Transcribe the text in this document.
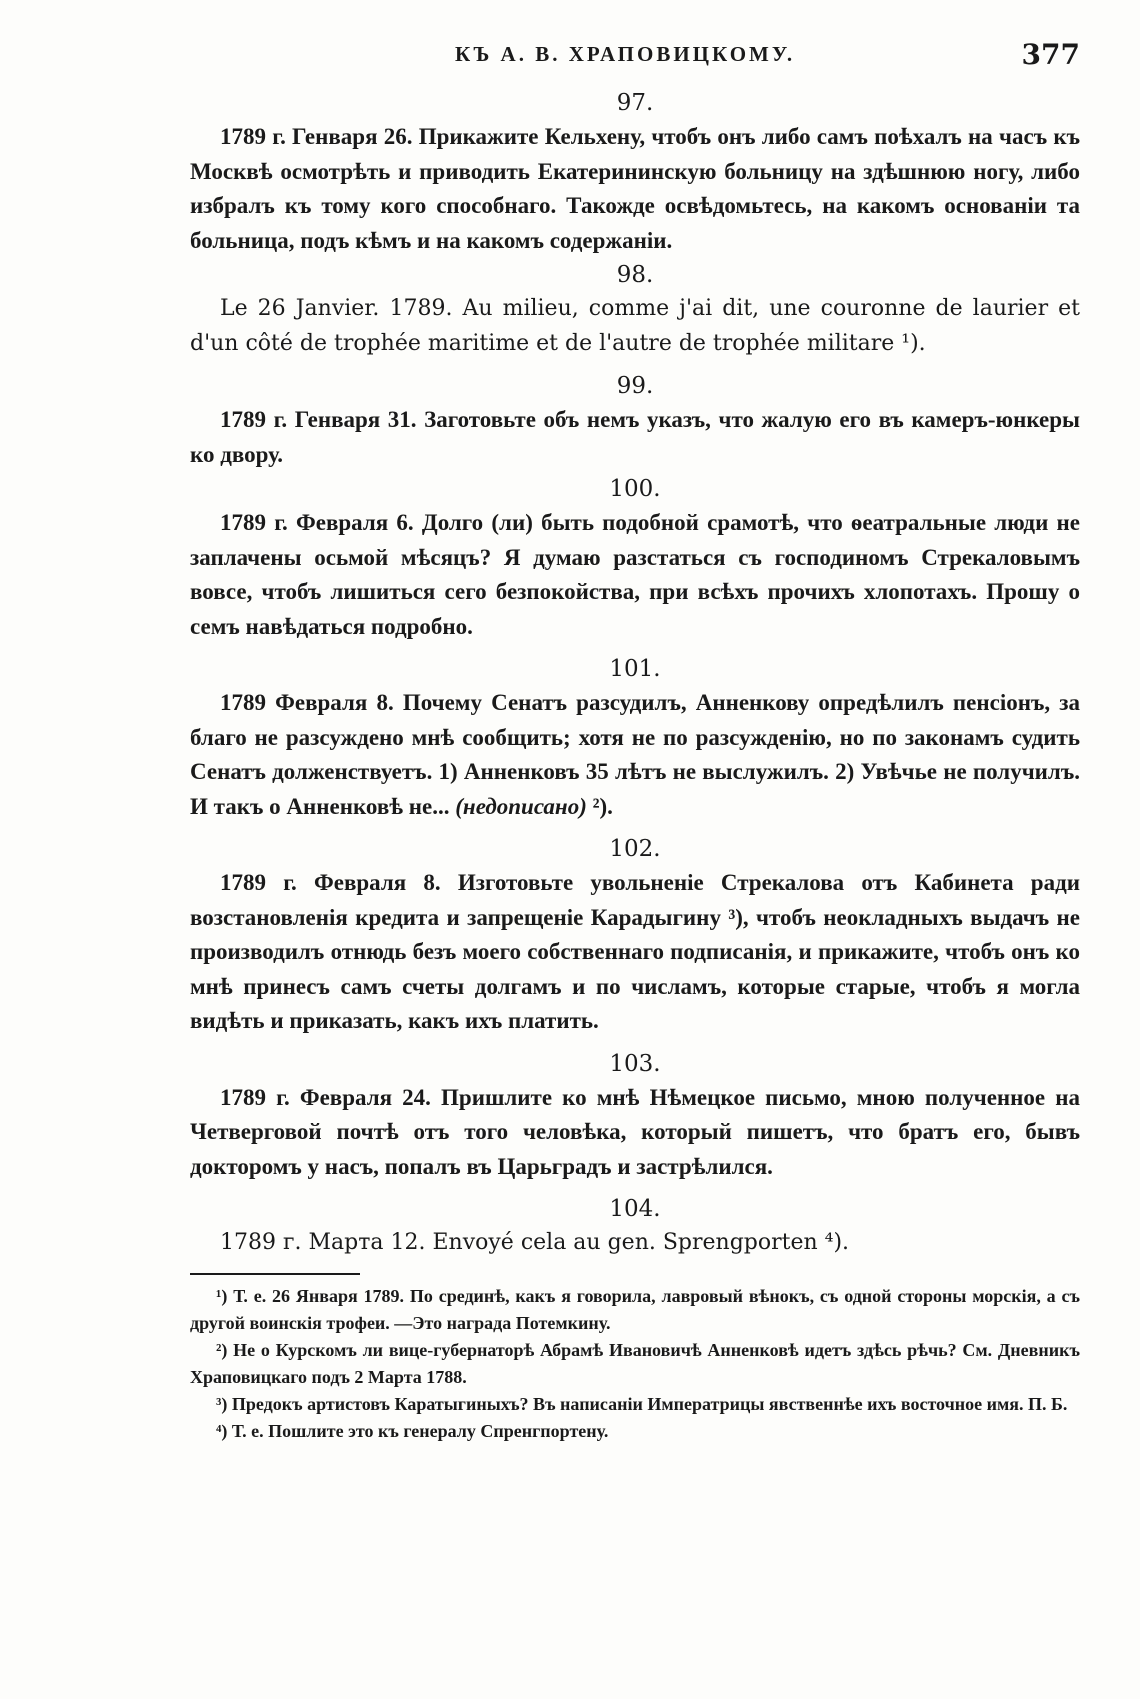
КЪ А. В. ХРАПОВИЦКОМУ.	377

97.

1789 г. Генваря 26. Прикажите Кельхену, чтобъ онъ либо самъ поѣхалъ на часъ къ Москвѣ осмотрѣть и приводить Екатерининскую больницу на здѣшнюю ногу, либо избралъ къ тому кого способнаго. Такожде освѣдомьтесь, на какомъ основаніи та больница, подъ кѣмъ и на какомъ содержаніи.

98.

Le 26 Janvier. 1789. Au milieu, comme j'ai dit, une couronne de laurier et d'un côté de trophée maritime et de l'autre de trophée militare ¹).

99.

1789 г. Генваря 31. Заготовьте объ немъ указъ, что жалую его въ камеръ-юнкеры ко двору.

100.

1789 г. Февраля 6. Долго (ли) быть подобной срамотѣ, что ѳеатральные люди не заплачены осьмой мѣсяцъ? Я думаю разстаться съ господиномъ Стрекаловымъ вовсе, чтобъ лишиться сего безпокойства, при всѣхъ прочихъ хлопотахъ. Прошу о семъ навѣдаться подробно.

101.

1789 Февраля 8. Почему Сенатъ разсудилъ, Анненкову опредѣлилъ пенсіонъ, за благо не разсуждено мнѣ сообщить; хотя не по разсужденію, но по законамъ судить Сенатъ долженствуетъ. 1) Анненковъ 35 лѣтъ не выслужилъ. 2) Увѣчье не получилъ. И такъ о Анненковѣ не... (недописано) ²).

102.

1789 г. Февраля 8. Изготовьте увольненіе Стрекалова отъ Кабинета ради возстановленія кредита и запрещеніе Карадыгину ³), чтобъ неокладныхъ выдачъ не производилъ отнюдь безъ моего собственнаго подписанія, и прикажите, чтобъ онъ ко мнѣ принесъ самъ счеты долгамъ и по числамъ, которые старые, чтобъ я могла видѣть и приказать, какъ ихъ платить.

103.

1789 г. Февраля 24. Пришлите ко мнѣ Нѣмецкое письмо, мною полученное на Четверговой почтѣ отъ того человѣка, который пишетъ, что братъ его, бывъ докторомъ у насъ, попалъ въ Царьградъ и застрѣлился.

104.

1789 г. Марта 12. Envoyé cela au gen. Sprengporten ⁴).

¹) Т. е. 26 Января 1789. По срединѣ, какъ я говорила, лавровый вѣнокъ, съ одной стороны морскія, а съ другой воинскія трофеи. —Это награда Потемкину.

²) Не о Курскомъ ли вице-губернаторѣ Абрамѣ Ивановичѣ Анненковѣ идетъ здѣсь рѣчь? См. Дневникъ Храповицкаго подъ 2 Марта 1788.

³) Предокъ артистовъ Каратыгиныхъ? Въ написаніи Императрицы явственнѣе ихъ восточное имя. П. Б.

⁴) Т. е. Пошлите это къ генералу Спренгпортену.
